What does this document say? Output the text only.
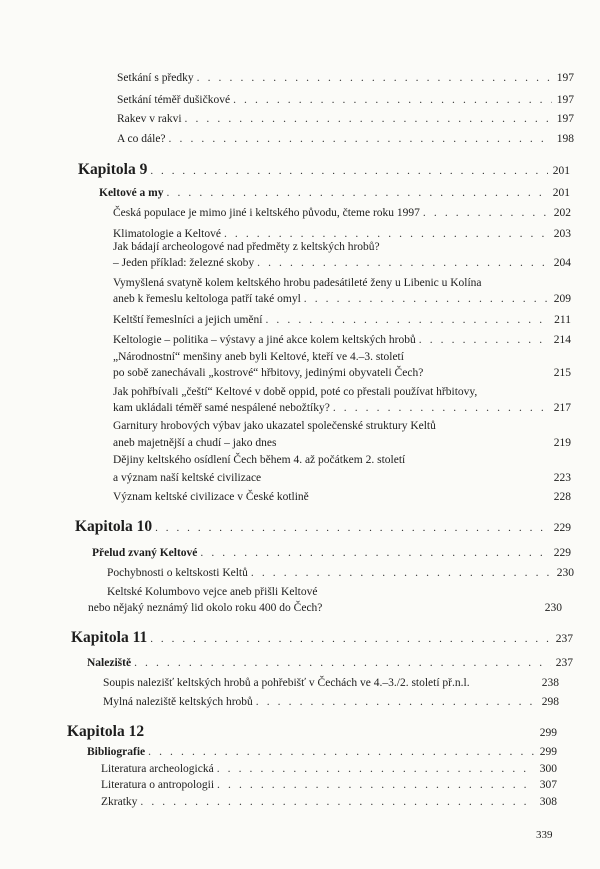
Setkání s předky . . .	197
Setkání téměř dušičkové . . .	197
Rakev v rakvi . . .	197
A co dále? . . .	198
Kapitola 9 . . .	201
Keltové a my . . .	201
Česká populace je mimo jiné i keltského původu, čteme roku 1997 . . .	202
Klimatologie a Keltové . . .	203
Jak bádají archeologové nad předměty z keltských hrobů?
– Jeden příklad: železné skoby . . .	204
Vymyšlená svatyně kolem keltského hrobu padesátileté ženy u Libenic u Kolína
aneb k řemeslu keltologa patří také omyl . . .	209
Keltští řemeslníci a jejich umění . . .	211
Keltologie – politika – výstavy a jiné akce kolem keltských hrobů . . .	214
„Národnostní“ menšiny aneb byli Keltové, kteří ve 4.–3. století
po sobě zanechávali „kostrové“ hřbitovy, jedinými obyvateli Čech?	215
Jak pohřbívali „čeští“ Keltové v době oppid, poté co přestali používat hřbitovy,
kam ukládali téměř samé nespálené nebožtíky? . . .	217
Garnitury hrobových výbav jako ukazatel společenské struktury Keltů
aneb majetnější a chudí – jako dnes	219
Dějiny keltského osídlení Čech během 4. až počátkem 2. století
a význam naší keltské civilizace	223
Význam keltské civilizace v České kotlině	228
Kapitola 10 . . .	229
Přelud zvaný Keltové . . .	229
Pochybnosti o keltskosti Keltů . . .	230
Keltské Kolumbovo vejce aneb přišli Keltové
nebo nějaký neznámý lid okolo roku 400 do Čech?	230
Kapitola 11 . . .	237
Naleziště . . .	237
Soupis nalezišť keltských hrobů a pohřebišť v Čechách ve 4.–3./2. století př.n.l.	238
Mylná naleziště keltských hrobů . . .	298
Kapitola 12	299
Bibliografie . . .	299
Literatura archeologická . . .	300
Literatura o antropologii . . .	307
Zkratky . . .	308
339
